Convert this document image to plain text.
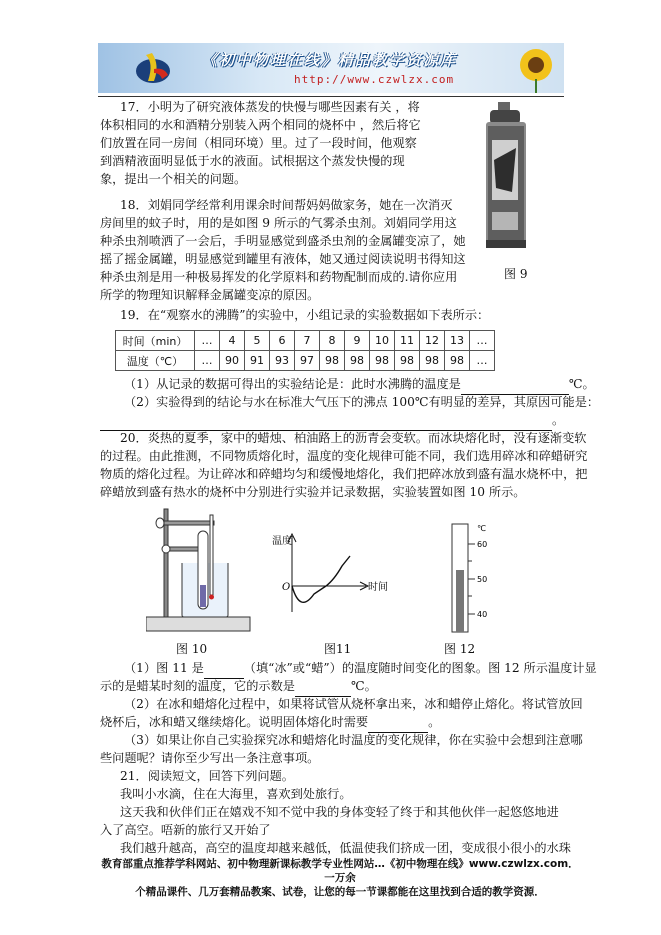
《初中物理在线》精品教学资源库
http://www.czwlzx.com
17．小明为了研究液体蒸发的快慢与哪些因素有关 ，将
体积相同的水和酒精分别装入两个相同的烧杯中 ，然后将它
们放置在同一房间（相同环境）里。过了一段时间，他观察
到酒精液面明显低于水的液面。试根据这个蒸发快慢的现
象，提出一个相关的问题。
图 9
18．刘娟同学经常利用课余时间帮妈妈做家务，她在一次消灭
房间里的蚊子时，用的是如图 9 所示的气雾杀虫剂。刘娟同学用这
种杀虫剂喷洒了一会后，手明显感觉到盛杀虫剂的金属罐变凉了，她
摇了摇金属罐，明显感觉到罐里有液体，她又通过阅读说明书得知这
种杀虫剂是用一种极易挥发的化学原料和药物配制而成的.请你应用
所学的物理知识解释金属罐变凉的原因。
19．在“观察水的沸腾”的实验中，小组记录的实验数据如下表所示：
时间（min）	…	4	5	6	7	8	9	10	11	12	13	…
温度（℃）	…	90	91	93	97	98	98	98	98	98	98	…
（1）从记录的数据可得出的实验结论是：此时水沸腾的温度是	℃。
（2）实验得到的结论与水在标准大气压下的沸点 100℃有明显的差异，其原因可能是：
。
20．炎热的夏季，家中的蜡烛、柏油路上的沥青会变软。而冰块熔化时，没有逐渐变软
的过程。由此推测，不同物质熔化时，温度的变化规律可能不同，我们选用碎冰和碎蜡研究
物质的熔化过程。为让碎冰和碎蜡均匀和缓慢地熔化，我们把碎冰放到盛有温水烧杯中，把
碎蜡放到盛有热水的烧杯中分别进行实验并记录数据，实验装置如图 10 所示。
图 10
温度
时间
O
图11
℃
60
50
40
图 12
（1）图 11 是	（填“冰”或“蜡”）的温度随时间变化的图象。图 12 所示温度计显
示的是蜡某时刻的温度，它的示数是	℃。
（2）在冰和蜡熔化过程中，如果将试管从烧杯拿出来，冰和蜡停止熔化。将试管放回
烧杯后，冰和蜡又继续熔化。说明固体熔化时需要	。
（3）如果让你自己实验探究冰和蜡熔化时温度的变化规律，你在实验中会想到注意哪
些问题呢？请你至少写出一条注意事项。
21．阅读短文，回答下列问题。
我叫小水滴，住在大海里，喜欢到处旅行。
这天我和伙伴们正在嬉戏不知不觉中我的身体变轻了终于和其他伙伴一起悠悠地进
入了高空。唔新的旅行又开始了
我们越升越高，高空的温度却越来越低，低温使我们挤成一团，变成很小很小的水珠
教育部重点推荐学科网站、初中物理新课标教学专业性网站…《初中物理在线》www.czwlzx.com．一万余
个精品课件、几万套精品教案、试卷，让您的每一节课都能在这里找到合适的教学资源．
